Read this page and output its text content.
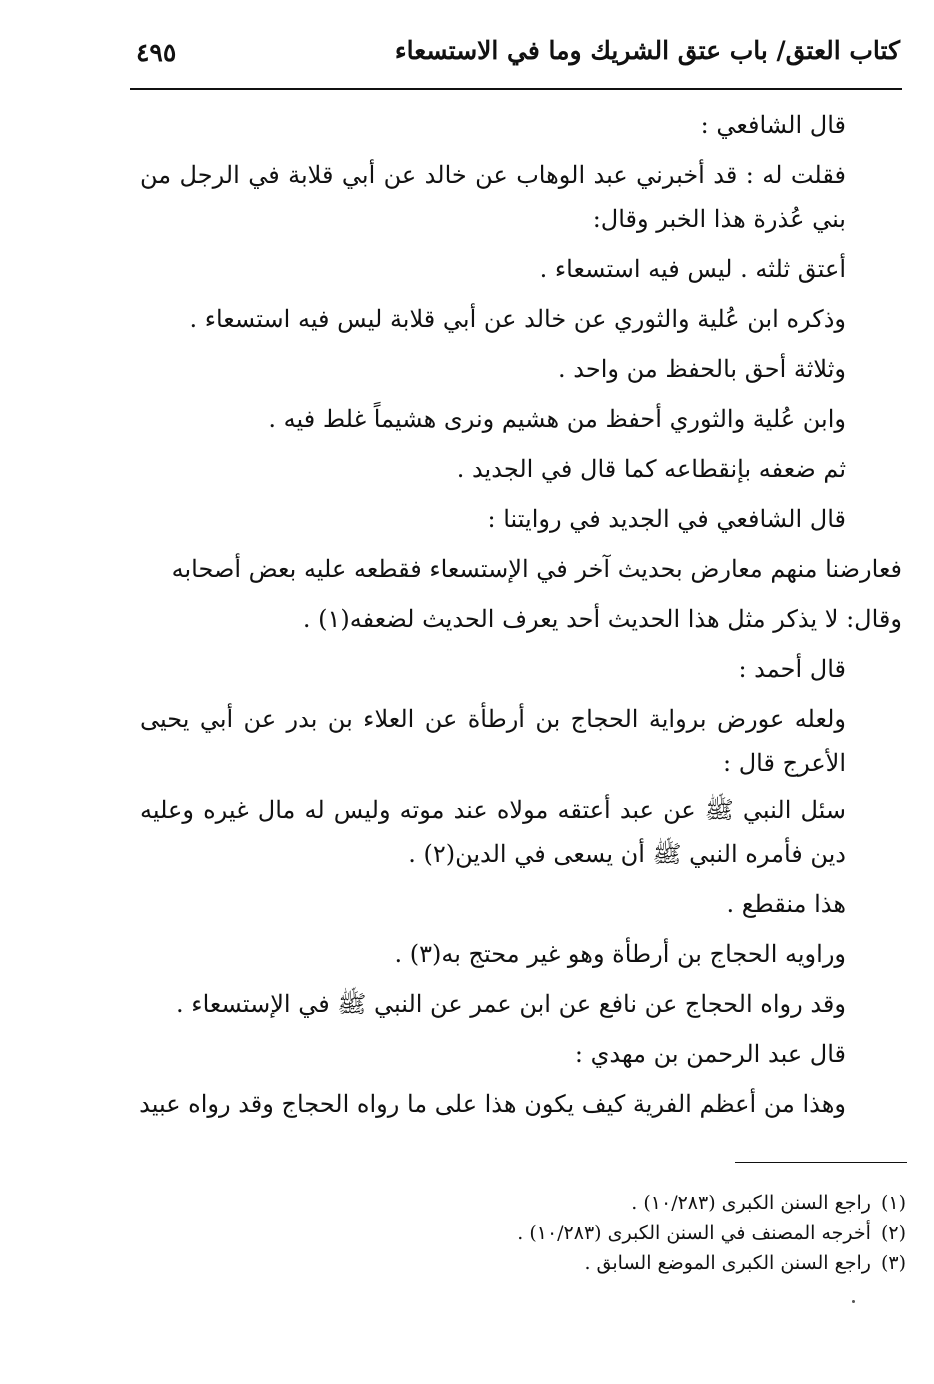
كتاب العتق/ باب عتق الشريك وما في الاستسعاء
٤٩٥
قال الشافعي :
فقلت له : قد أخبرني عبد الوهاب عن خالد عن أبي قلابة في الرجل من بني عُذرة هذا الخبر وقال:
أعتق ثلثه . ليس فيه استسعاء .
وذكره ابن عُلية والثوري عن خالد عن أبي قلابة ليس فيه استسعاء .
وثلاثة أحق بالحفظ من واحد .
وابن عُلية والثوري أحفظ من هشيم ونرى هشيماً غلط فيه .
ثم ضعفه بإنقطاعه كما قال في الجديد .
قال الشافعي في الجديد في روايتنا :
فعارضنا منهم معارض بحديث آخر في الإستسعاء فقطعه عليه بعض أصحابه
وقال: لا يذكر مثل هذا الحديث أحد يعرف الحديث لضعفه(١) .
قال أحمد :
ولعله عورض برواية الحجاج بن أرطأة عن العلاء بن بدر عن أبي يحيى الأعرج قال :
سئل النبي ﷺ عن عبد أعتقه مولاه عند موته وليس له مال غيره وعليه دين فأمره النبي ﷺ أن يسعى في الدين(٢) .
هذا منقطع .
وراويه الحجاج بن أرطأة وهو غير محتج به(٣) .
وقد رواه الحجاج عن نافع عن ابن عمر عن النبي ﷺ في الإستسعاء .
قال عبد الرحمن بن مهدي :
وهذا من أعظم الفرية كيف يكون هذا على ما رواه الحجاج وقد رواه عبيد
(١)راجع السنن الكبرى (١٠/٢٨٣) .
(٢)أخرجه المصنف في السنن الكبرى (١٠/٢٨٣) .
(٣)راجع السنن الكبرى الموضع السابق .
